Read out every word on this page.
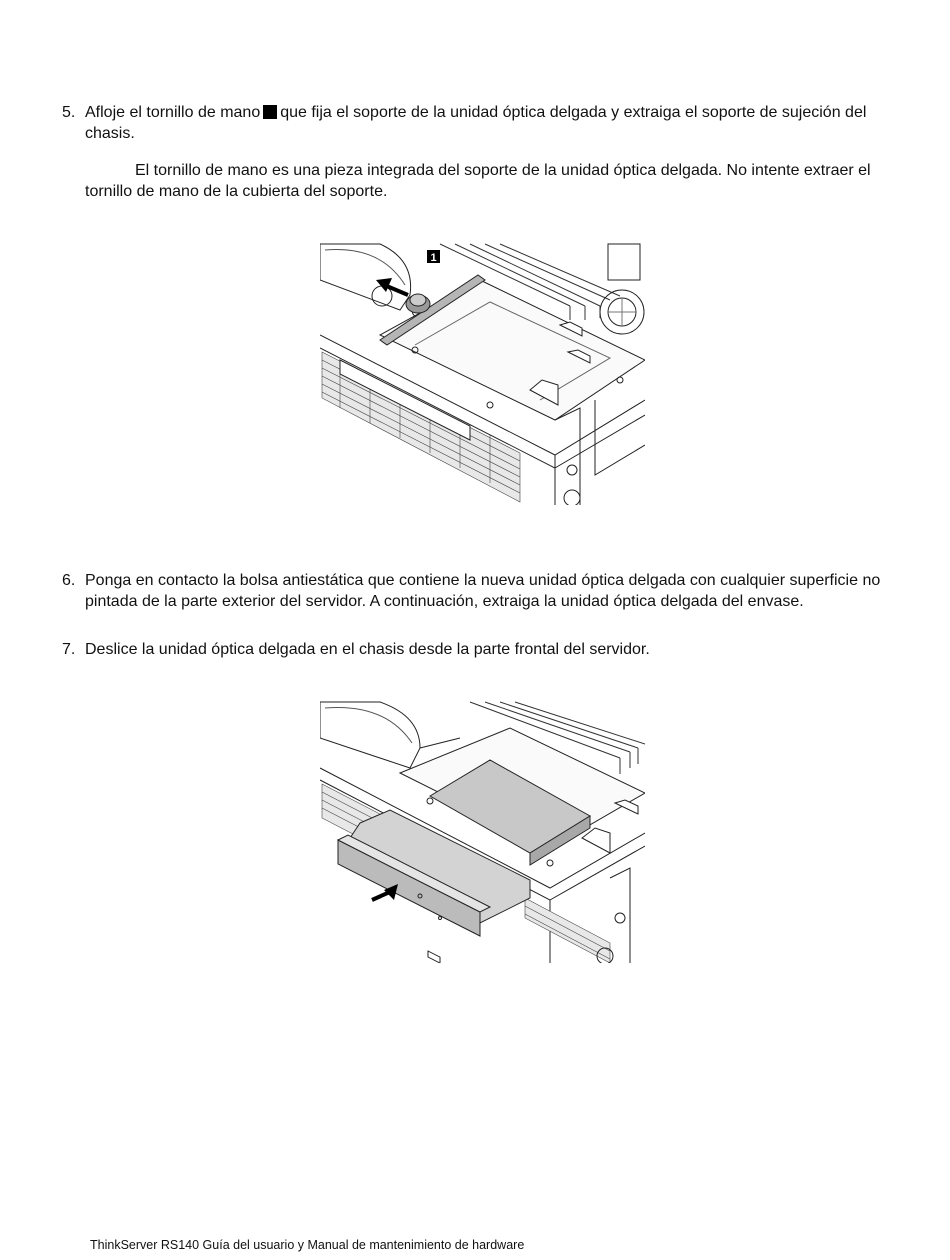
5. Afloje el tornillo de mano que fija el soporte de la unidad óptica delgada y extraiga el soporte de sujeción del chasis.
El tornillo de mano es una pieza integrada del soporte de la unidad óptica delgada. No intente extraer el tornillo de mano de la cubierta del soporte.
1
6. Ponga en contacto la bolsa antiestática que contiene la nueva unidad óptica delgada con cualquier superficie no pintada de la parte exterior del servidor. A continuación, extraiga la unidad óptica delgada del envase.
7. Deslice la unidad óptica delgada en el chasis desde la parte frontal del servidor.
ThinkServer RS140 Guía del usuario y Manual de mantenimiento de hardware
